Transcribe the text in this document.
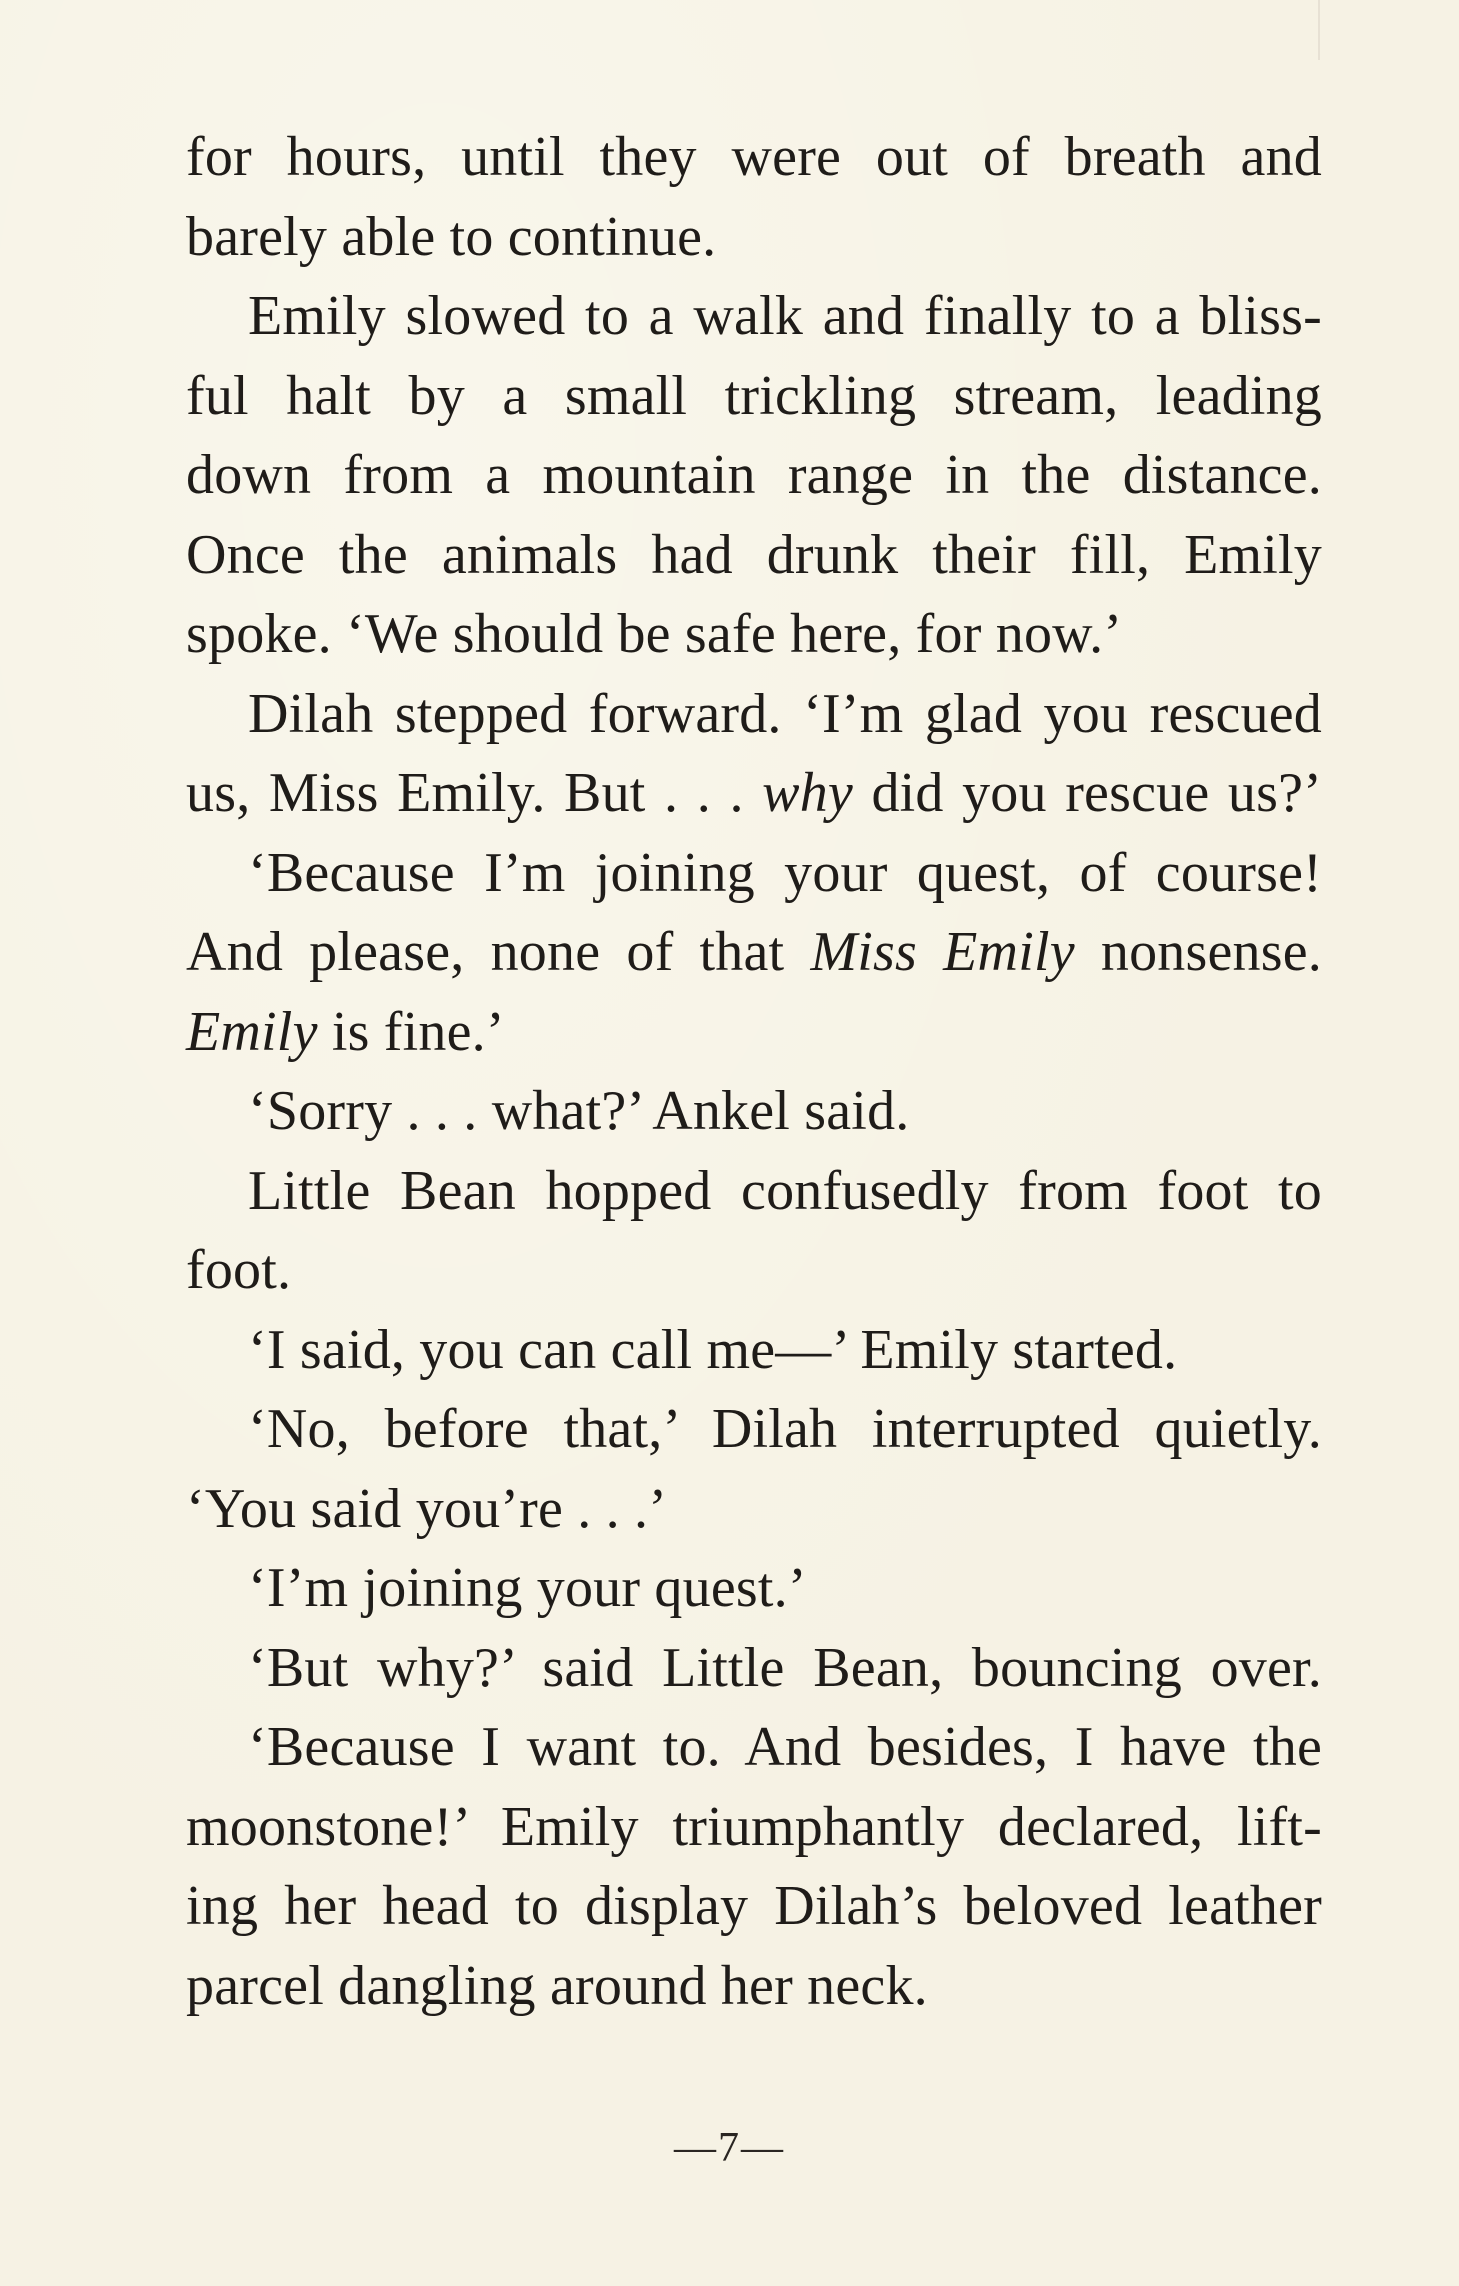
for hours, until they were out of breath and
barely able to continue.
Emily slowed to a walk and finally to a bliss-
ful halt by a small trickling stream, leading
down from a mountain range in the distance.
Once the animals had drunk their fill, Emily
spoke. ‘We should be safe here, for now.’
Dilah stepped forward. ‘I’m glad you rescued
us, Miss Emily. But . . . why did you rescue us?’
‘Because I’m joining your quest, of course!
And please, none of that Miss Emily nonsense.
Emily is fine.’
‘Sorry . . . what?’ Ankel said.
Little Bean hopped confusedly from foot to
foot.
‘I said, you can call me—’ Emily started.
‘No, before that,’ Dilah interrupted quietly.
‘You said you’re . . .’
‘I’m joining your quest.’
‘But why?’ said Little Bean, bouncing over.
‘Because I want to. And besides, I have the
moonstone!’ Emily triumphantly declared, lift-
ing her head to display Dilah’s beloved leather
parcel dangling around her neck.
—7—
